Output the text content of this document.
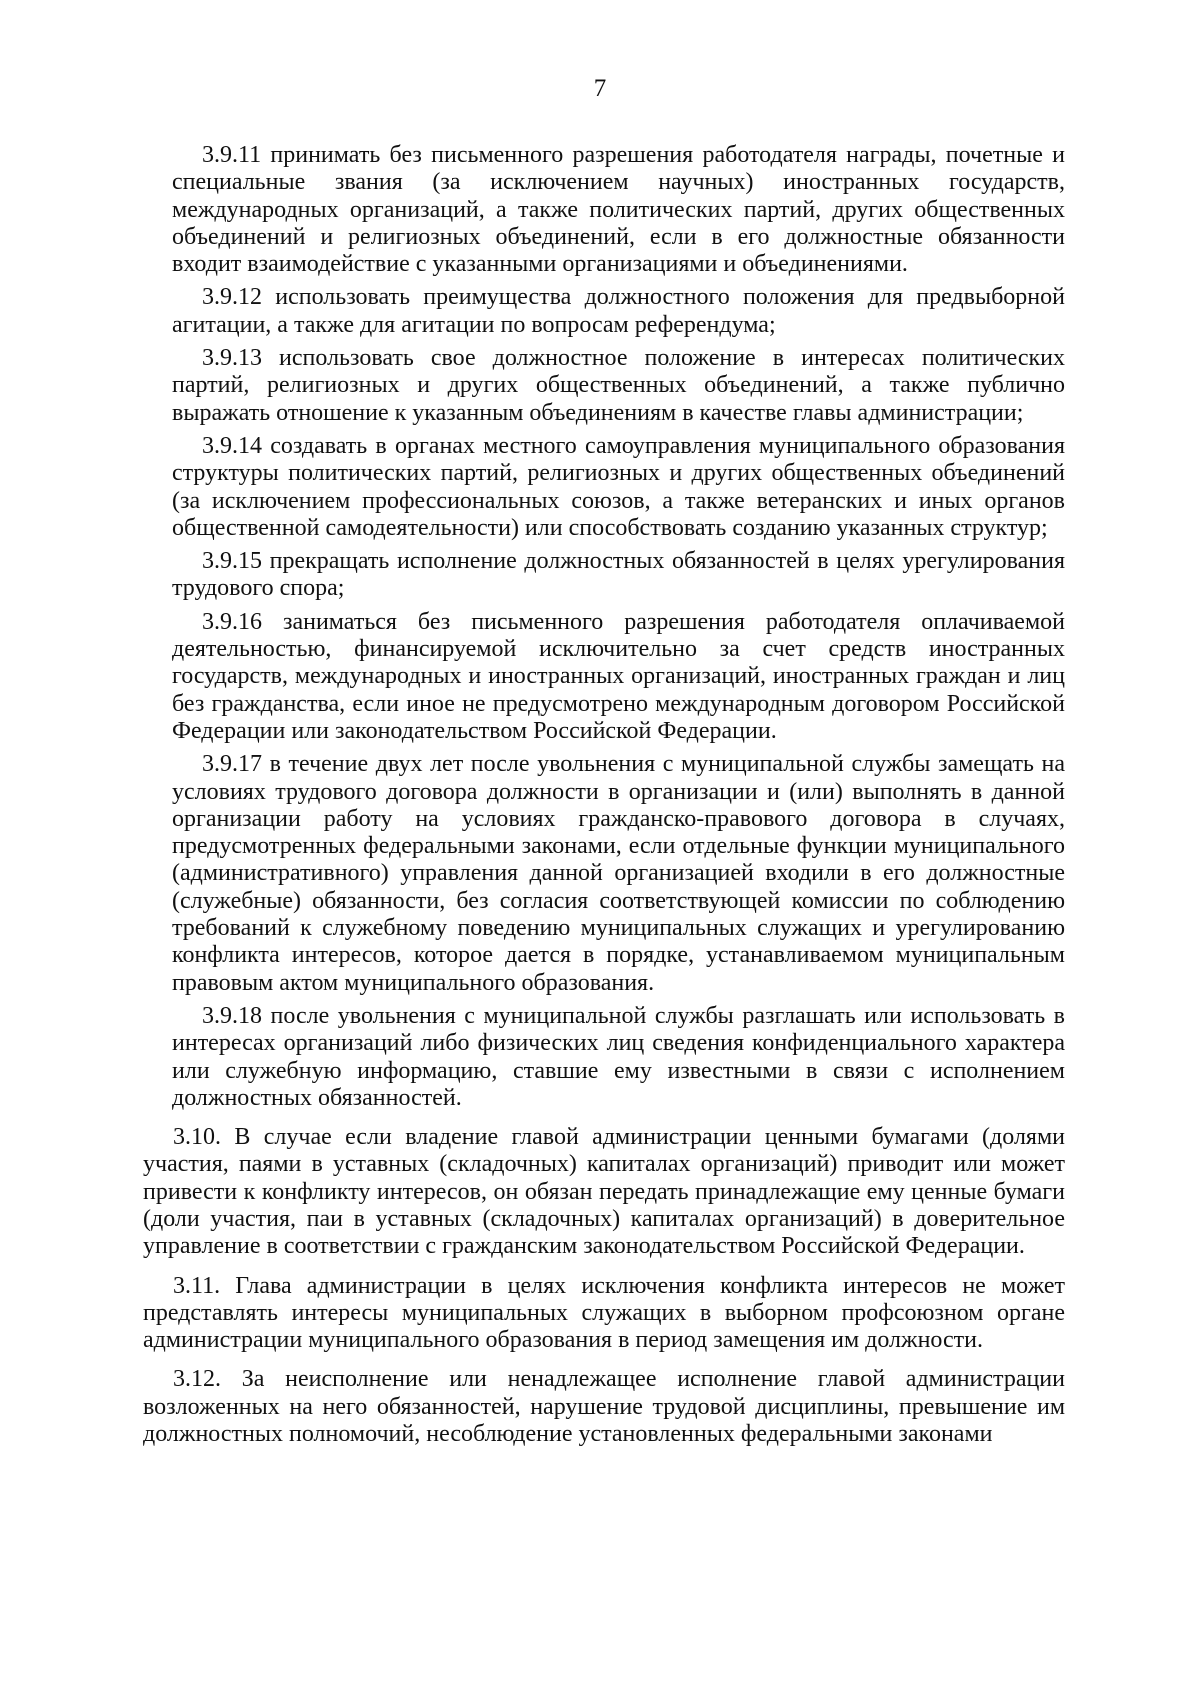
7

3.9.11 принимать без письменного разрешения работодателя награды, почетные и специальные звания (за исключением научных) иностранных государств, международных организаций, а также политических партий, других общественных объединений и религиозных объединений, если в его должностные обязанности входит взаимодействие с указанными организациями и объединениями.

3.9.12 использовать преимущества должностного положения для предвыборной агитации, а также для агитации по вопросам референдума;

3.9.13 использовать свое должностное положение в интересах политических партий, религиозных и других общественных объединений, а также публично выражать отношение к указанным объединениям в качестве главы администрации;

3.9.14 создавать в органах местного самоуправления муниципального образования структуры политических партий, религиозных и других общественных объединений (за исключением профессиональных союзов, а также ветеранских и иных органов общественной самодеятельности) или способствовать созданию указанных структур;

3.9.15 прекращать исполнение должностных обязанностей в целях урегулирования трудового спора;

3.9.16 заниматься без письменного разрешения работодателя оплачиваемой деятельностью, финансируемой исключительно за счет средств иностранных государств, международных и иностранных организаций, иностранных граждан и лиц без гражданства, если иное не предусмотрено международным договором Российской Федерации или законодательством Российской Федерации.

3.9.17 в течение двух лет после увольнения с муниципальной службы замещать на условиях трудового договора должности в организации и (или) выполнять в данной организации работу на условиях гражданско-правового договора в случаях, предусмотренных федеральными законами, если отдельные функции муниципального (административного) управления данной организацией входили в его должностные (служебные) обязанности, без согласия соответствующей комиссии по соблюдению требований к служебному поведению муниципальных служащих и урегулированию конфликта интересов, которое дается в порядке, устанавливаемом муниципальным правовым актом муниципального образования.

3.9.18 после увольнения с муниципальной службы разглашать или использовать в интересах организаций либо физических лиц сведения конфиденциального характера или служебную информацию, ставшие ему известными в связи с исполнением должностных обязанностей.

3.10. В случае если владение главой администрации ценными бумагами (долями участия, паями в уставных (складочных) капиталах организаций) приводит или может привести к конфликту интересов, он обязан передать принадлежащие ему ценные бумаги (доли участия, паи в уставных (складочных) капиталах организаций) в доверительное управление в соответствии с гражданским законодательством Российской Федерации.

3.11. Глава администрации в целях исключения конфликта интересов не может представлять интересы муниципальных служащих в выборном профсоюзном органе администрации муниципального образования в период замещения им должности.

3.12. За неисполнение или ненадлежащее исполнение главой администрации возложенных на него обязанностей, нарушение трудовой дисциплины, превышение им должностных полномочий, несоблюдение установленных федеральными законами
